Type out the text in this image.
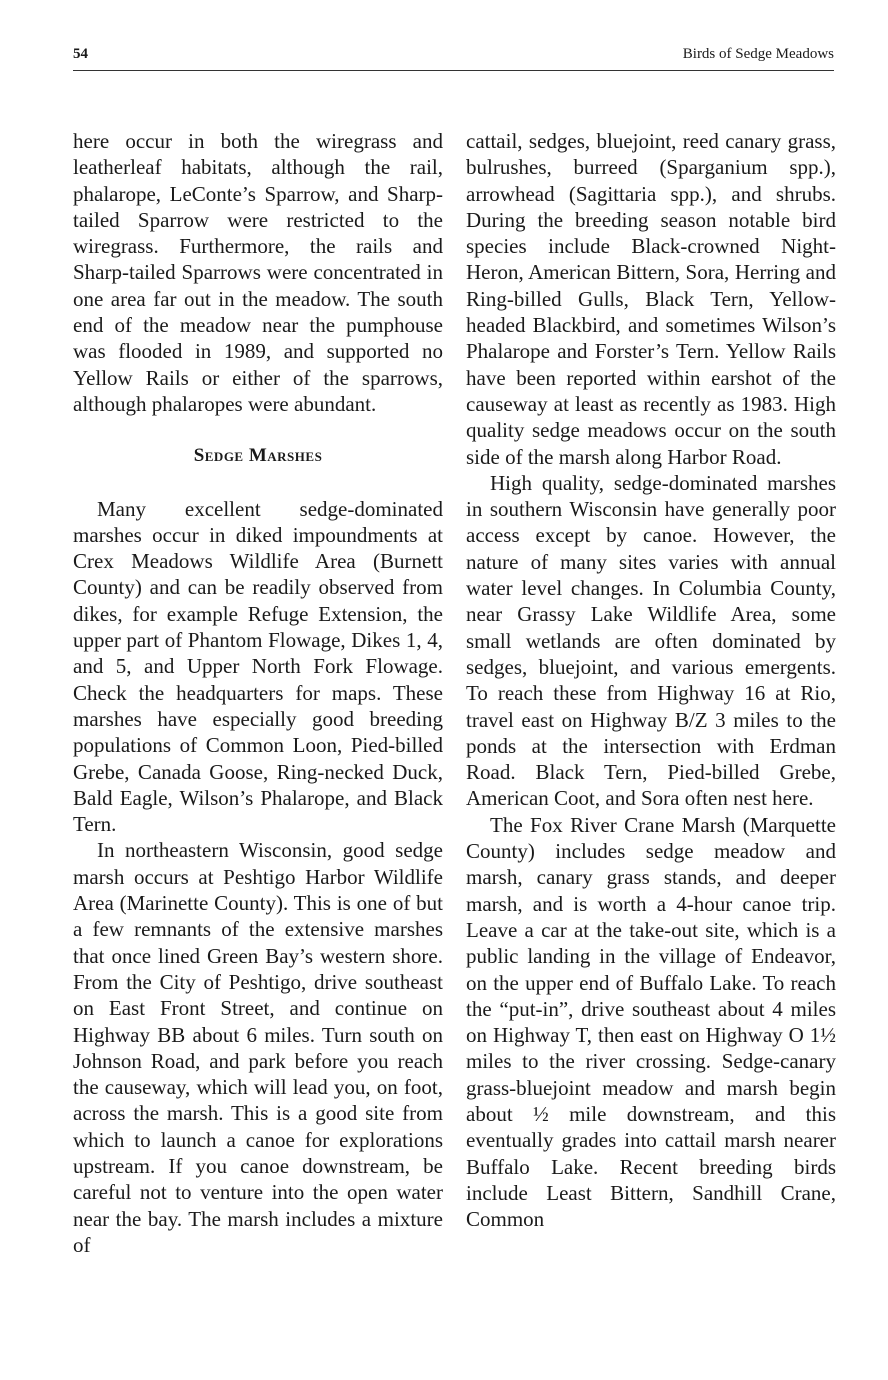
54	Birds of Sedge Meadows

here occur in both the wiregrass and leatherleaf habitats, although the rail, phalarope, LeConte’s Sparrow, and Sharp-tailed Sparrow were restricted to the wiregrass. Furthermore, the rails and Sharp-tailed Sparrows were concentrated in one area far out in the meadow. The south end of the meadow near the pumphouse was flooded in 1989, and supported no Yellow Rails or either of the sparrows, although phalaropes were abundant.

Sedge Marshes

Many excellent sedge-dominated marshes occur in diked impoundments at Crex Meadows Wildlife Area (Burnett County) and can be readily observed from dikes, for example Refuge Extension, the upper part of Phantom Flowage, Dikes 1, 4, and 5, and Upper North Fork Flowage. Check the headquarters for maps. These marshes have especially good breeding populations of Common Loon, Pied-billed Grebe, Canada Goose, Ring-necked Duck, Bald Eagle, Wilson’s Phalarope, and Black Tern.

In northeastern Wisconsin, good sedge marsh occurs at Peshtigo Harbor Wildlife Area (Marinette County). This is one of but a few remnants of the extensive marshes that once lined Green Bay’s western shore. From the City of Peshtigo, drive southeast on East Front Street, and continue on Highway BB about 6 miles. Turn south on Johnson Road, and park before you reach the causeway, which will lead you, on foot, across the marsh. This is a good site from which to launch a canoe for explorations upstream. If you canoe downstream, be careful not to venture into the open water near the bay. The marsh includes a mixture of

cattail, sedges, bluejoint, reed canary grass, bulrushes, burreed (Sparganium spp.), arrowhead (Sagittaria spp.), and shrubs. During the breeding season notable bird species include Black-crowned Night-Heron, American Bittern, Sora, Herring and Ring-billed Gulls, Black Tern, Yellow-headed Blackbird, and sometimes Wilson’s Phalarope and Forster’s Tern. Yellow Rails have been reported within earshot of the causeway at least as recently as 1983. High quality sedge meadows occur on the south side of the marsh along Harbor Road.

High quality, sedge-dominated marshes in southern Wisconsin have generally poor access except by canoe. However, the nature of many sites varies with annual water level changes. In Columbia County, near Grassy Lake Wildlife Area, some small wetlands are often dominated by sedges, bluejoint, and various emergents. To reach these from Highway 16 at Rio, travel east on Highway B/Z 3 miles to the ponds at the intersection with Erdman Road. Black Tern, Pied-billed Grebe, American Coot, and Sora often nest here.

The Fox River Crane Marsh (Marquette County) includes sedge meadow and marsh, canary grass stands, and deeper marsh, and is worth a 4-hour canoe trip. Leave a car at the take-out site, which is a public landing in the village of Endeavor, on the upper end of Buffalo Lake. To reach the “put-in”, drive southeast about 4 miles on Highway T, then east on Highway O 1½ miles to the river crossing. Sedge-canary grass-bluejoint meadow and marsh begin about ½ mile downstream, and this eventually grades into cattail marsh nearer Buffalo Lake. Recent breeding birds include Least Bittern, Sandhill Crane, Common
